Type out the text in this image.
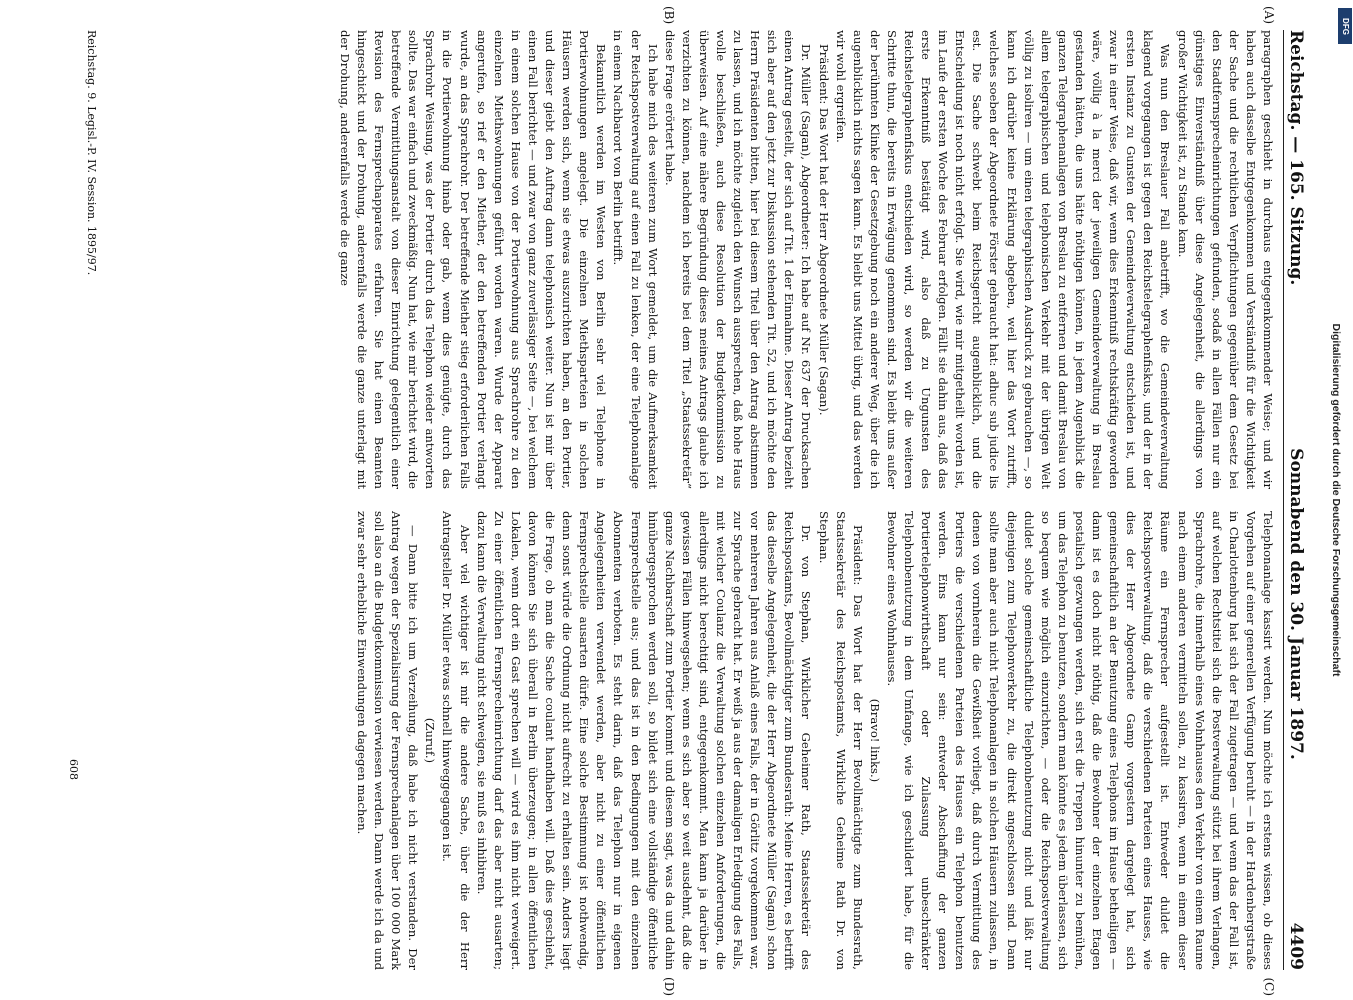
Reichstag. — 165. Sitzung.
Sonnabend den 30. Januar 1897.
4409

paragraphen geschieht in durchaus entgegenkommender Weise; und wir haben auch dasselbe Entgegenkommen und Verständniß für die Wichtigkeit der Sache und die rechtlichen Verpflichtungen gegenüber dem Gesetz bei den Stadtfernsprecheinrichtungen gefunden, sodaß in allen Fällen nur ein günstiges Einverständniß über diese Angelegenheit, die allerdings von großer Wichtigkeit ist, zu Stande kam.

Was nun den Breslauer Fall anbetrifft, wo die Gemeindeverwaltung klagend vorgegangen ist gegen den Reichstelegraphenfiskus, und der in der ersten Instanz zu Gunsten der Gemeindeverwaltung entschieden ist, und zwar in einer Weise, daß wir, wenn dies Erkenntniß rechtskräftig geworden wäre, völlig à la merci der jeweiligen Gemeindeverwaltung in Breslau gestanden hätten, die uns hätte nöthigen können, in jedem Augenblick die ganzen Telegraphenanlagen von Breslau zu entfernen und damit Breslau von allem telegraphischen und telephonischen Verkehr mit der übrigen Welt völlig zu isoliren — um einen telegraphischen Ausdruck zu gebrauchen —, so kann ich darüber keine Erklärung abgeben, weil hier das Wort zutrifft, welches soeben der Abgeordnete Förster gebraucht hat: adhuc sub judice lis est. Die Sache schwebt beim Reichsgericht augenblicklich, und die Entscheidung ist noch nicht erfolgt. Sie wird, wie mir mitgetheilt worden ist, im Laufe der ersten Woche des Februar erfolgen. Fällt sie dahin aus, daß das erste Erkenntniß bestätigt wird, also daß zu Ungunsten des Reichstelegraphenfiskus entschieden wird, so werden wir die weiteren Schritte thun, die bereits in Erwägung genommen sind. Es bleibt uns außer der berühmten Klinke der Gesetzgebung noch ein anderer Weg, über die ich augenblicklich nichts sagen kann. Es bleibt uns Mittel übrig, und das werden wir wohl ergreifen.

Präsident: Das Wort hat der Herr Abgeordnete Müller (Sagan).

Dr. Müller (Sagan), Abgeordneter: Ich habe auf Nr. 637 der Drucksachen einen Antrag gestellt, der sich auf Tit. 1 der Einnahme. Dieser Antrag bezieht sich aber auf den jetzt zur Diskussion stehenden Tit. 52, und ich möchte den Herrn Präsidenten bitten, hier bei diesem Titel über den Antrag abstimmen zu lassen, und ich möchte zugleich den Wunsch aussprechen, daß hohe Haus wolle beschließen, auch diese Resolution der Budgetkommission zu überweisen. Auf eine nähere Begründung dieses meines Antrags glaube ich verzichten zu können, nachdem ich bereits bei dem Titel „Staatssekretär“ diese Frage erörtert habe.

Ich habe mich des weiteren zum Wort gemeldet, um die Aufmerksamkeit der Reichspostverwaltung auf einen Fall zu lenken, der eine Telephonanlage in einem Nachbarort von Berlin betrifft.

Bekanntlich werden im Westen von Berlin sehr viel Telephone in Portierwohnungen angelegt. Die einzelnen Miethsparteien in solchen Häusern werden sich, wenn sie etwas auszurichten haben, an den Portier, und dieser giebt den Auftrag dann telephonisch weiter. Nun ist mir über einen Fall berichtet — und zwar von ganz zuverlässiger Seite —, bei welchem in einem solchen Hause von der Portierwohnung aus Sprachrohre zu den einzelnen Miethswohnungen geführt worden waren. Wurde der Apparat angerufen, so rief er den Miether, der den betreffenden Portier verlangt wurde, an das Sprachrohr. Der betreffende Miether stieg erforderlichen Falls in die Portierwohnung hinab oder gab, wenn dies genügte, durch das Sprachrohr Weisung, was der Portier durch das Telephon wieder antworten sollte. Das war einfach und zweckmäßig. Nun hat, wie mir berichtet wird, die betreffende Vermittlungsanstalt von dieser Einrichtung gelegentlich einer Revision des Fernsprechapparates erfahren. Sie hat einen Beamten hingeschickt und der Drohung, anderenfalls werde die ganze unterlagt mit der Drohung, anderenfalls werde die ganze

Telephonanlage kassirt werden. Nun möchte ich erstens wissen, ob dieses Vorgehen auf einer generellen Verfügung beruht — in der Hardenbergstraße in Charlottenburg hat sich der Fall zugetragen — und wenn das der Fall ist, auf welchen Rechtstitel sich die Postverwaltung stützt bei ihrem Verlangen, Sprachrohre, die innerhalb eines Wohnhauses den Verkehr von einem Raume nach einem anderen vermitteln sollen, zu kassiren, wenn in einem dieser Räume ein Fernsprecher aufgestellt ist. Entweder duldet die Reichspostverwaltung, daß die verschiedenen Parteien eines Hauses, wie dies der Herr Abgeordnete Gamp vorgestern dargelegt hat, sich gemeinschaftlich an der Benutzung eines Telephons im Hause betheiligen — dann ist es doch nicht nöthig, daß die Bewohner der einzelnen Etagen postalisch gezwungen werden, sich erst die Treppen hinunter zu bemühen, um das Telephon zu benutzen, sondern man könnte es jedem überlassen, sich so bequem wie möglich einzurichten, — oder die Reichspostverwaltung duldet solche gemeinschaftliche Telephonbenutzung nicht und läßt nur diejenigen zum Telephonverkehr zu, die direkt angeschlossen sind. Dann sollte man aber auch nicht Telephonanlagen in solchen Häusern zulassen, in denen von vornherein die Gewißheit vorliegt, daß durch Vermittlung des Portiers die verschiedenen Parteien des Hauses ein Telephon benutzen werden. Eins kann nur sein: entweder Abschaffung der ganzen Portiertelephonwirthschaft oder Zulassung unbeschränkter Telephonbenutzung in dem Umfange, wie ich geschildert habe, für die Bewohner eines Wohnhauses.

(Bravo! links.)

Präsident: Das Wort hat der Herr Bevollmächtigte zum Bundesrath, Staatssekretär des Reichspostamts, Wirkliche Geheime Rath Dr. von Stephan.

Dr. von Stephan, Wirklicher Geheimer Rath, Staatssekretär des Reichspostamts, Bevollmächtigter zum Bundesrath: Meine Herren, es betrifft das dieselbe Angelegenheit, die der Herr Abgeordnete Müller (Sagan) schon vor mehreren Jahren aus Anlaß eines Falls, der in Görlitz vorgekommen war, zur Sprache gebracht hat. Er weiß ja aus der damaligen Erledigung des Falls, mit welcher Coulanz die Verwaltung solchen einzelnen Anforderungen, die allerdings nicht berechtigt sind, entgegenkommt. Man kann ja darüber in gewissen Fällen hinwegsehen; wenn es sich aber so weit ausdehnt, daß die ganze Nachbarschaft zum Portier kommt und diesem sagt, was da und dahin hinübergesprochen werden soll, so bildet sich eine vollständige öffentliche Fernsprechstelle aus; und das ist in den Bedingungen mit den einzelnen Abonnenten verboten. Es steht darin, daß das Telephon nur in eigenen Angelegenheiten verwendet werden, aber nicht zu einer öffentlichen Fernsprechstelle ausarten dürfe. Eine solche Bestimmung ist nothwendig, denn sonst würde die Ordnung nicht aufrecht zu erhalten sein. Anders liegt die Frage, ob man die Sache coulant handhaben will. Daß dies geschieht, davon können Sie sich überall in Berlin überzeugen; in allen öffentlichen Lokalen, wenn dort ein Gast sprechen will — wird es ihm nicht verweigert. Zu einer öffentlichen Fernsprecheinrichtung darf das aber nicht ausarten; dazu kann die Verwaltung nicht schweigen, sie muß es inhibiren.

Aber viel wichtiger ist mir die andere Sache, über die der Herr Antragsteller Dr. Müller etwas schnell hinweggegangen ist.

(Zuruf.)

— Dann bitte ich um Verzeihung, daß habe ich nicht verstanden. Der Antrag wegen der Spezialisirung der Fernsprechanlagen über 100 000 Mark soll also an die Budgetkommission verwiesen werden. Dann werde ich da und zwar sehr erhebliche Einwendungen dagegen machen.

(A)
(B)
(C)
(D)
Reichstag. 9. Legisl.-P. IV. Session. 1895/97.
608
DFG
Digitalisierung gefördert durch die Deutsche Forschungsgemeinschaft
